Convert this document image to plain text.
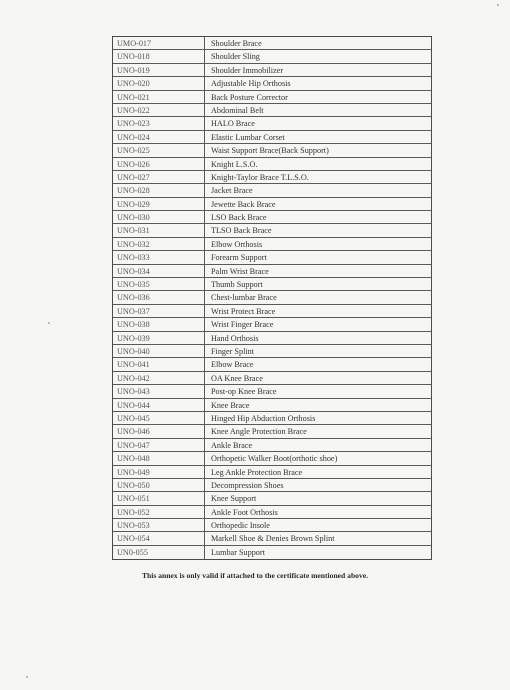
UMO-017	Shoulder Brace
UNO-018	Shoulder Sling
UNO-019	Shoulder Immobilizer
UNO-020	Adjustable Hip Orthosis
UNO-021	Back Posture Corrector
UNO-022	Abdominal Belt
UNO-023	HALO Brace
UNO-024	Elastic Lumbar Corset
UNO-025	Waist Support Brace(Back Support)
UNO-026	Knight L.S.O.
UNO-027	Knight-Taylor Brace T.L.S.O.
UNO-028	Jacket Brace
UNO-029	Jewette Back Brace
UNO-030	LSO Back Brace
UNO-031	TLSO Back Brace
UNO-032	Elbow Orthosis
UNO-033	Forearm Support
UNO-034	Palm Wrist Brace
UNO-035	Thumb Support
UNO-036	Chest-lumbar Brace
UNO-037	Wrist Protect Brace
UNO-038	Wrist Finger Brace
UNO-039	Hand Orthosis
UNO-040	Finger Splint
UNO-041	Elbow Brace
UNO-042	OA Knee Brace
UNO-043	Post-op Knee Brace
UNO-044	Knee Brace
UNO-045	Hinged Hip Abduction Orthosis
UNO-046	Knee Angle Protection Brace
UNO-047	Ankle Brace
UNO-048	Orthopetic Walker Boot(orthotic shoe)
UNO-049	Leg Ankle Protection Brace
UNO-050	Decompression Shoes
UNO-051	Knee Support
UNO-052	Ankle Foot Orthosis
UNO-053	Orthopedic Insole
UNO-054	Markell Shoe & Denies Brown Splint
UN0-055	Lumbar Support
This annex is only valid if attached to the certificate mentioned above.
